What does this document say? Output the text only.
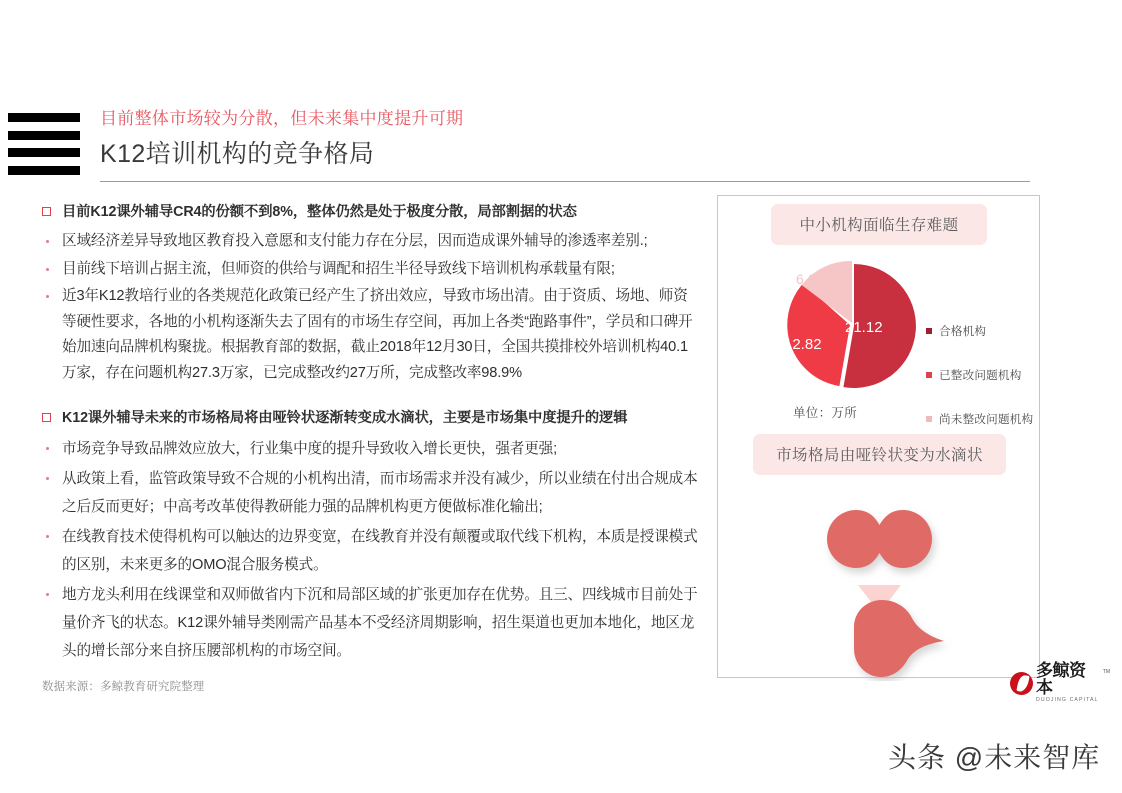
目前整体市场较为分散，但未来集中度提升可期
K12培训机构的竞争格局
目前K12课外辅导CR4的份额不到8%，整体仍然是处于极度分散，局部割据的状态
区域经济差异导致地区教育投入意愿和支付能力存在分层，因而造成课外辅导的渗透率差别.;
目前线下培训占据主流，但师资的供给与调配和招生半径导致线下培训机构承载量有限;
近3年K12教培行业的各类规范化政策已经产生了挤出效应，导致市场出清。由于资质、场地、师资等硬性要求，各地的小机构逐渐失去了固有的市场生存空间，再加上各类“跑路事件”，学员和口碑开始加速向品牌机构聚拢。根据教育部的数据，截止2018年12月30日，全国共摸排校外培训机构40.1万家，存在问题机构27.3万家，已完成整改约27万所，完成整改率98.9%
K12课外辅导未来的市场格局将由哑铃状逐渐转变成水滴状，主要是市场集中度提升的逻辑
市场竞争导致品牌效应放大，行业集中度的提升导致收入增长更快，强者更强;
从政策上看，监管政策导致不合规的小机构出清，而市场需求并没有减少，所以业绩在付出合规成本之后反而更好；中高考改革使得教研能力强的品牌机构更方便做标准化输出;
在线教育技术使得机构可以触达的边界变宽，在线教育并没有颠覆或取代线下机构，本质是授课模式的区别，未来更多的OMO混合服务模式。
地方龙头利用在线课堂和双师做省内下沉和局部区域的扩张更加存在优势。且三、四线城市目前处于量价齐飞的状态。K12课外辅导类刚需产品基本不受经济周期影响，招生渠道也更加本地化，地区龙头的增长部分来自挤压腰部机构的市场空间。
数据来源：多鲸教育研究院整理
中小机构面临生存难题
21.12
12.82
6.16
单位：万所
合格机构
已整改问题机构
尚未整改问题机构
市场格局由哑铃状变为水滴状
多鲸资本
DUOJING CAPITAL
TM
头条 @未来智库
